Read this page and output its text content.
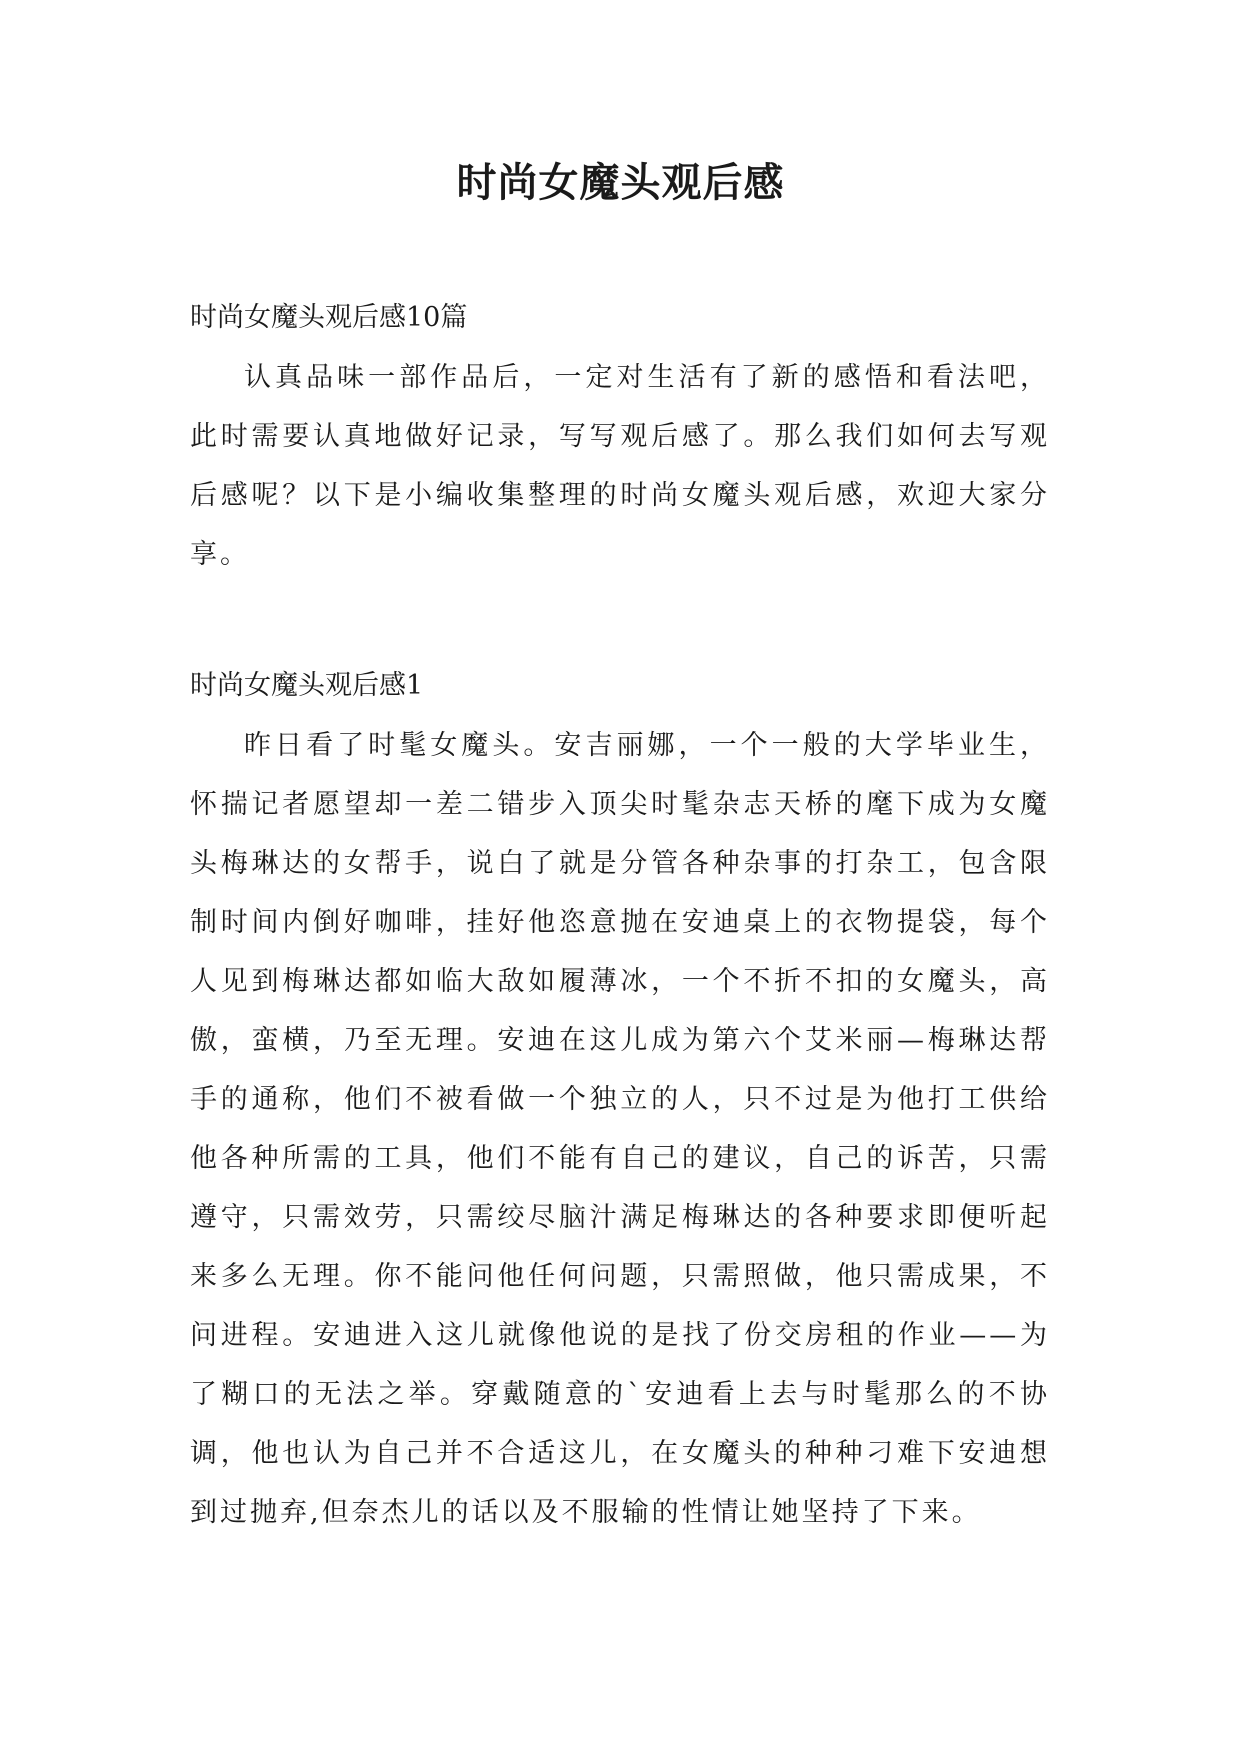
时尚女魔头观后感

时尚女魔头观后感10篇

认真品味一部作品后，一定对生活有了新的感悟和看法吧，此时需要认真地做好记录，写写观后感了。那么我们如何去写观后感呢？以下是小编收集整理的时尚女魔头观后感，欢迎大家分享。

时尚女魔头观后感1

昨日看了时髦女魔头。安吉丽娜，一个一般的大学毕业生，怀揣记者愿望却一差二错步入顶尖时髦杂志天桥的麾下成为女魔头梅琳达的女帮手，说白了就是分管各种杂事的打杂工，包含限制时间内倒好咖啡，挂好他恣意抛在安迪桌上的衣物提袋，每个人见到梅琳达都如临大敌如履薄冰，一个不折不扣的女魔头，高傲，蛮横，乃至无理。安迪在这儿成为第六个艾米丽—梅琳达帮手的通称，他们不被看做一个独立的人，只不过是为他打工供给他各种所需的工具，他们不能有自己的建议，自己的诉苦，只需遵守，只需效劳，只需绞尽脑汁满足梅琳达的各种要求即便听起来多么无理。你不能问他任何问题，只需照做，他只需成果，不问进程。安迪进入这儿就像他说的是找了份交房租的作业——为了糊口的无法之举。穿戴随意的`安迪看上去与时髦那么的不协调，他也认为自己并不合适这儿，在女魔头的种种刁难下安迪想到过抛弃,但奈杰儿的话以及不服输的性情让她坚持了下来。
